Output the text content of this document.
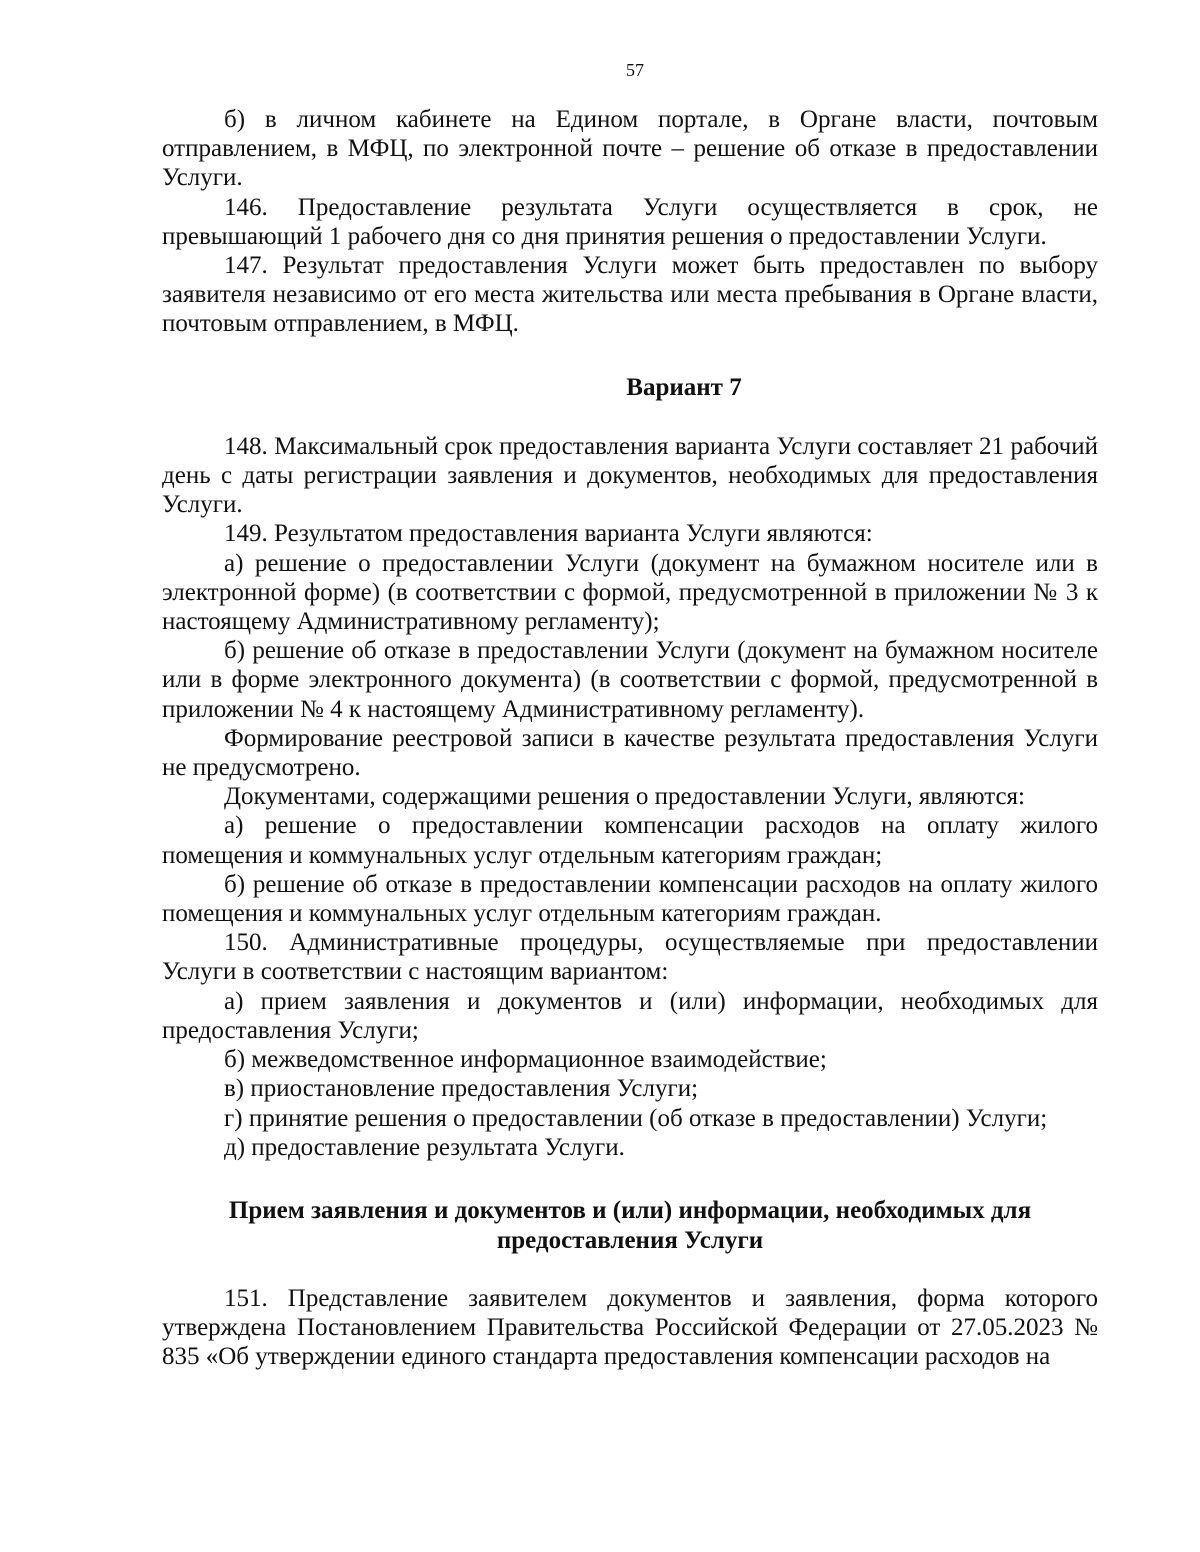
57

б) в личном кабинете на Едином портале, в Органе власти, почтовым отправлением, в МФЦ, по электронной почте – решение об отказе в предоставлении Услуги.

146. Предоставление результата Услуги осуществляется в срок, не превышающий 1 рабочего дня со дня принятия решения о предоставлении Услуги.

147. Результат предоставления Услуги может быть предоставлен по выбору заявителя независимо от его места жительства или места пребывания в Органе власти, почтовым отправлением, в МФЦ.

Вариант 7

148. Максимальный срок предоставления варианта Услуги составляет 21 рабочий день с даты регистрации заявления и документов, необходимых для предоставления Услуги.

149. Результатом предоставления варианта Услуги являются:

а) решение о предоставлении Услуги (документ на бумажном носителе или в электронной форме) (в соответствии с формой, предусмотренной в приложении № 3 к настоящему Административному регламенту);

б) решение об отказе в предоставлении Услуги (документ на бумажном носителе или в форме электронного документа) (в соответствии с формой, предусмотренной в приложении № 4 к настоящему Административному регламенту).

Формирование реестровой записи в качестве результата предоставления Услуги не предусмотрено.

Документами, содержащими решения о предоставлении Услуги, являются:

а) решение о предоставлении компенсации расходов на оплату жилого помещения и коммунальных услуг отдельным категориям граждан;

б) решение об отказе в предоставлении компенсации расходов на оплату жилого помещения и коммунальных услуг отдельным категориям граждан.

150. Административные процедуры, осуществляемые при предоставлении Услуги в соответствии с настоящим вариантом:

а) прием заявления и документов и (или) информации, необходимых для предоставления Услуги;

б) межведомственное информационное взаимодействие;

в) приостановление предоставления Услуги;

г) принятие решения о предоставлении (об отказе в предоставлении) Услуги;

д) предоставление результата Услуги.

Прием заявления и документов и (или) информации, необходимых для предоставления Услуги

151. Представление заявителем документов и заявления, форма которого утверждена Постановлением Правительства Российской Федерации от 27.05.2023 № 835 «Об утверждении единого стандарта предоставления компенсации расходов на
